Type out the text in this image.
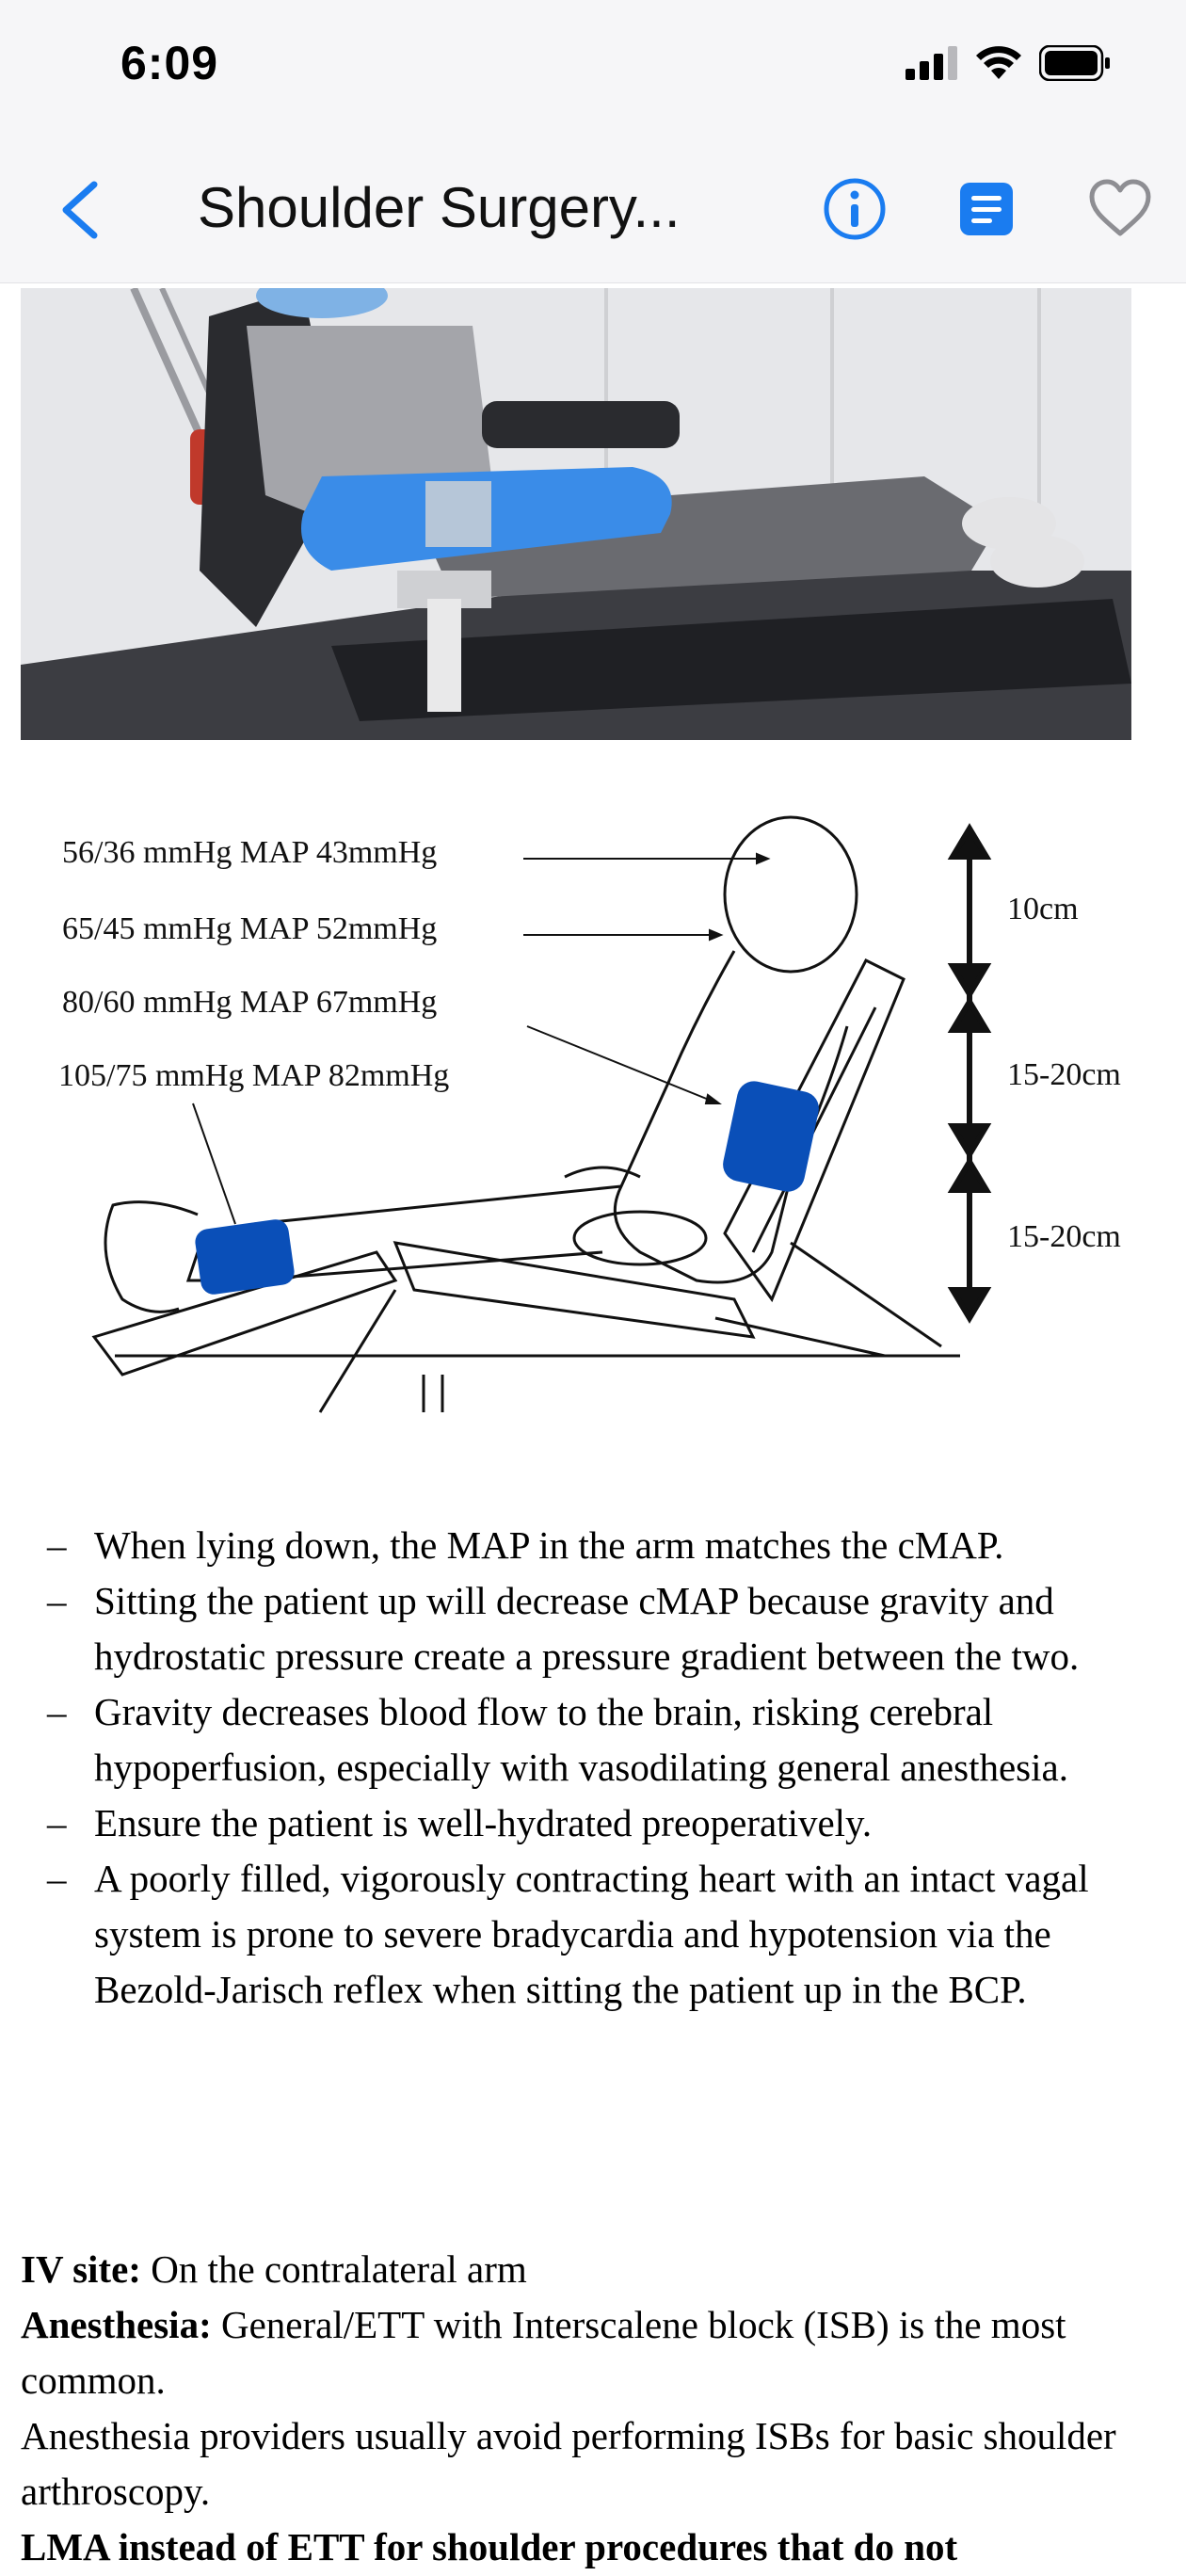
6:09
Shoulder Surgery...
56/36 mmHg MAP 43mmHg
65/45 mmHg MAP 52mmHg
80/60 mmHg MAP 67mmHg
105/75 mmHg MAP 82mmHg
10cm
15-20cm
15-20cm
– When lying down, the MAP in the arm matches the cMAP.
– Sitting the patient up will decrease cMAP because gravity and hydrostatic pressure create a pressure gradient between the two.
– Gravity decreases blood flow to the brain, risking cerebral hypoperfusion, especially with vasodilating general anesthesia.
– Ensure the patient is well-hydrated preoperatively.
– A poorly filled, vigorously contracting heart with an intact vagal system is prone to severe bradycardia and hypotension via the Bezold-Jarisch reflex when sitting the patient up in the BCP.
IV site: On the contralateral arm
Anesthesia: General/ETT with Interscalene block (ISB) is the most common.
Anesthesia providers usually avoid performing ISBs for basic shoulder arthroscopy.
LMA instead of ETT for shoulder procedures that do not
